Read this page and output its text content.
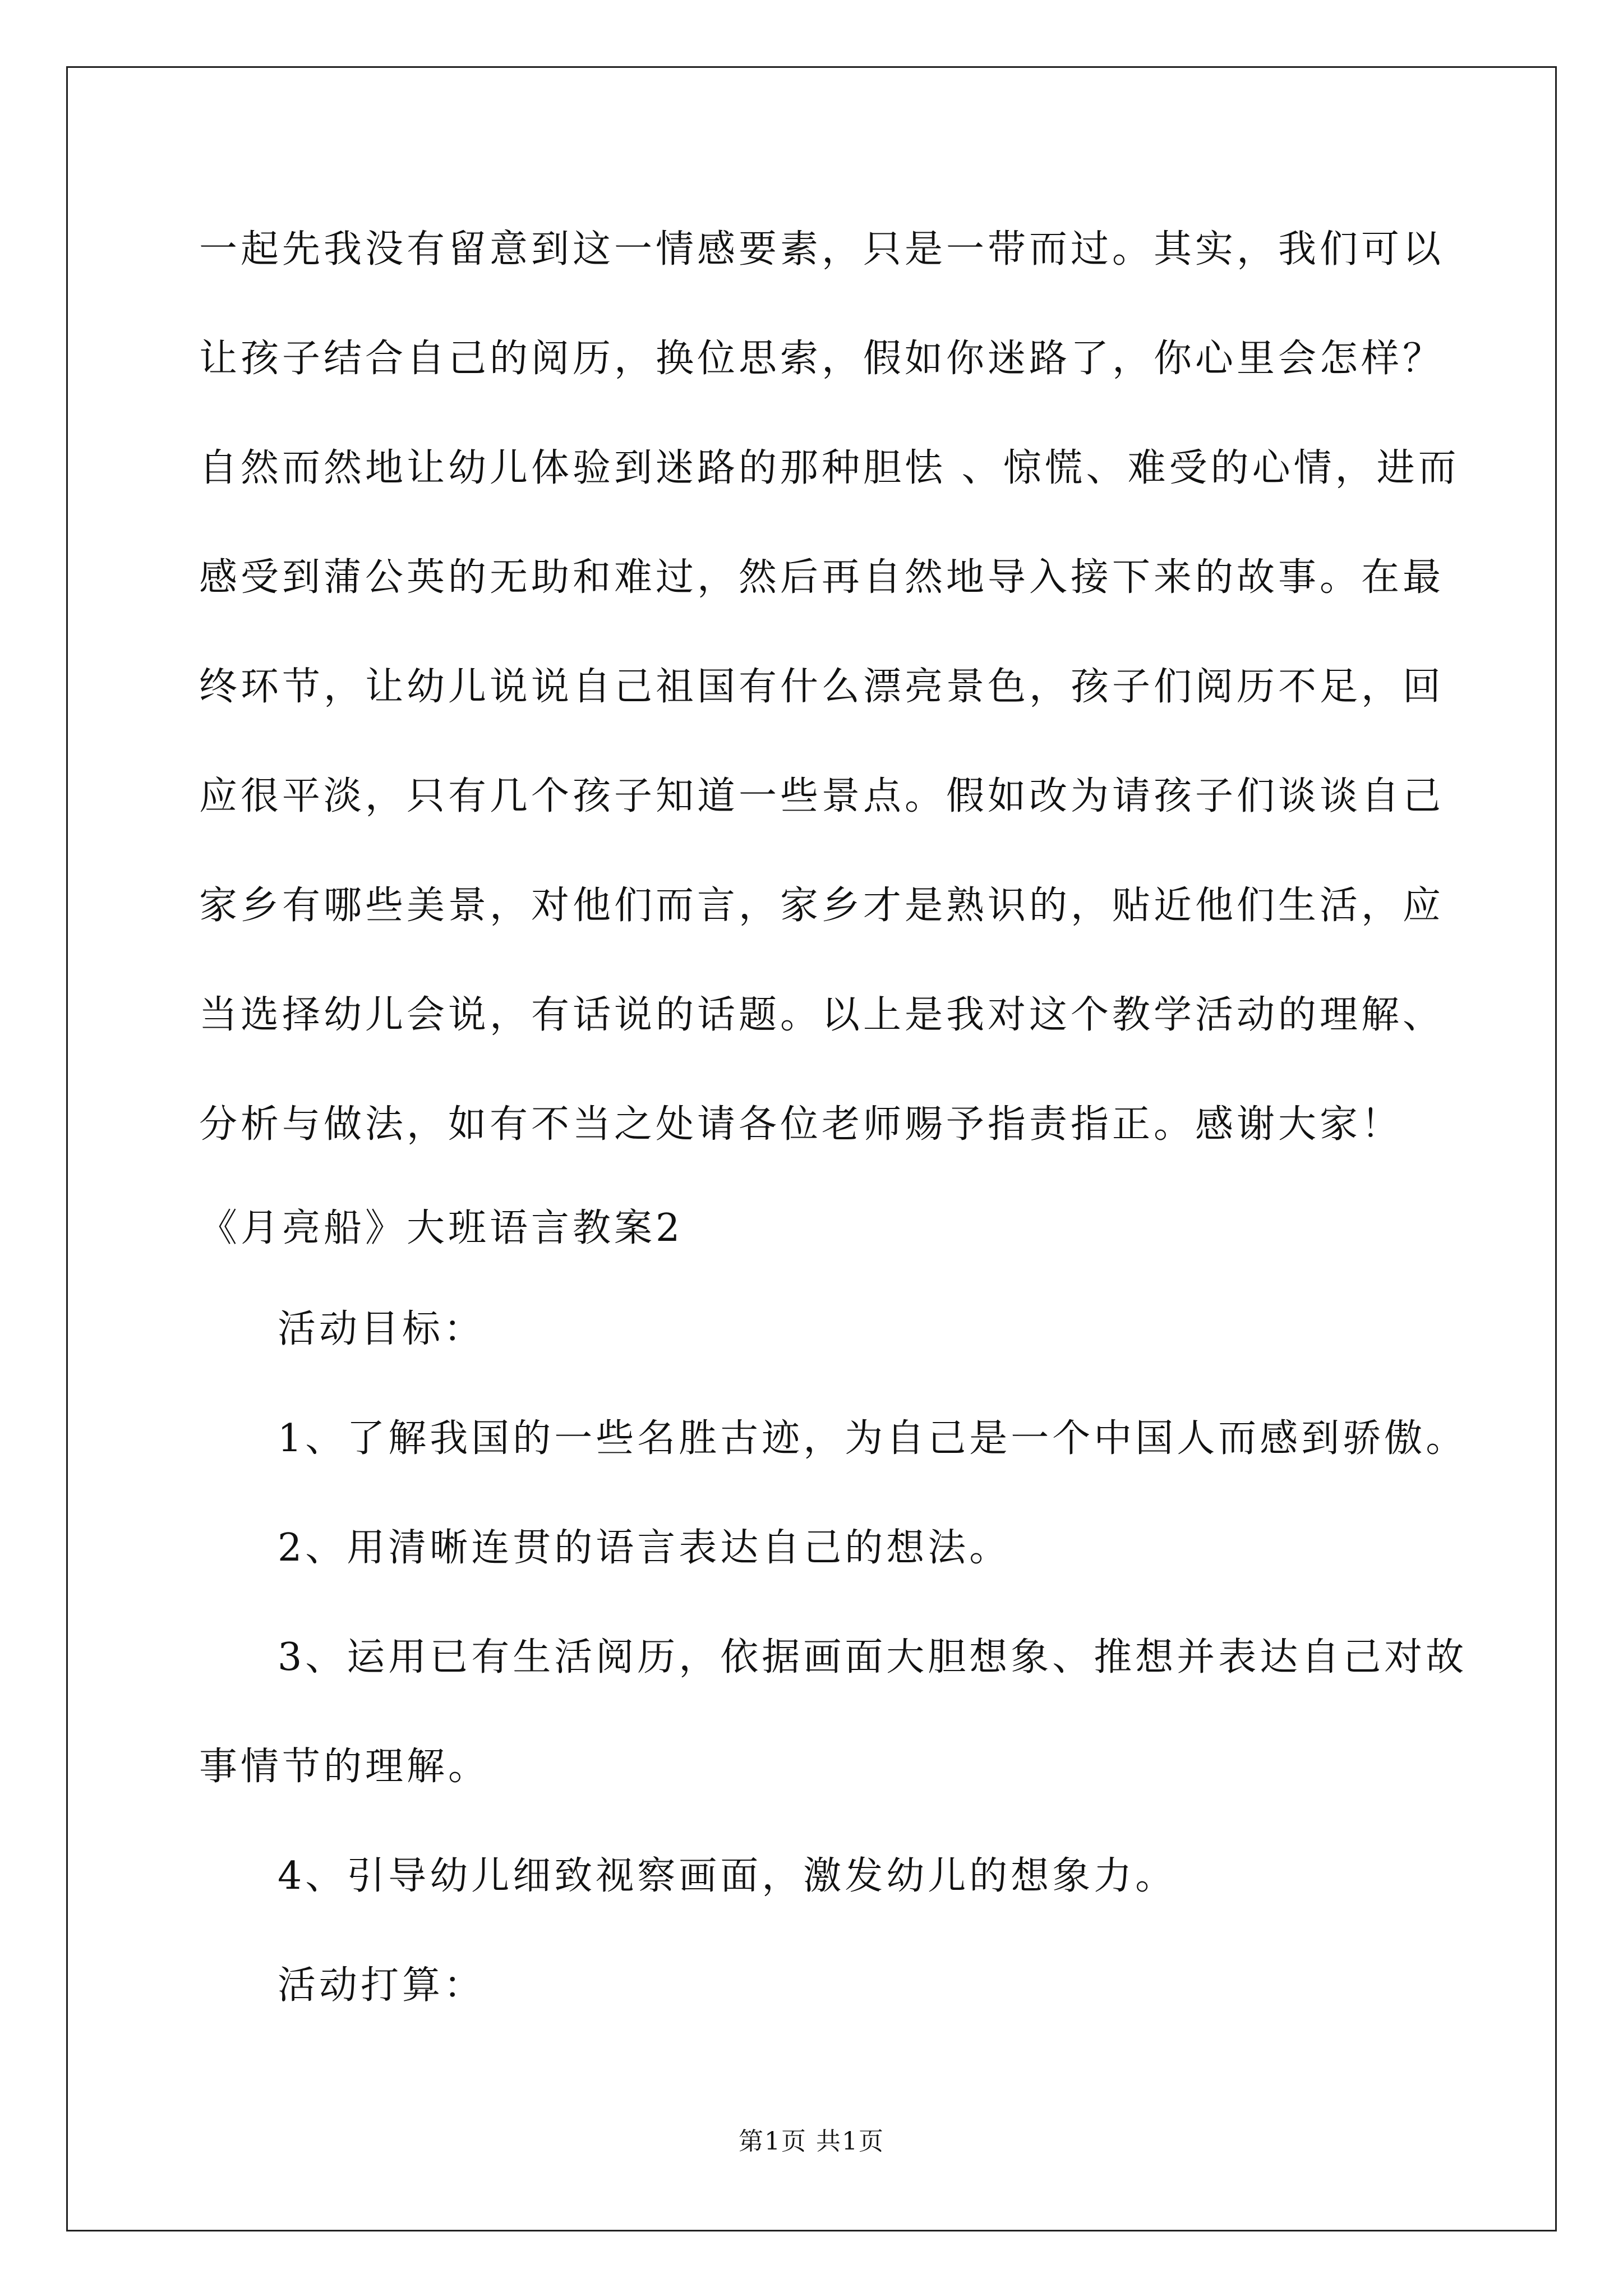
一起先我没有留意到这一情感要素，只是一带而过。其实，我们可以
让孩子结合自己的阅历，换位思索，假如你迷路了，你心里会怎样？
自然而然地让幼儿体验到迷路的那种胆怯 、惊慌、难受的心情，进而
感受到蒲公英的无助和难过，然后再自然地导入接下来的故事。在最
终环节，让幼儿说说自己祖国有什么漂亮景色，孩子们阅历不足，回
应很平淡，只有几个孩子知道一些景点。假如改为请孩子们谈谈自己
家乡有哪些美景，对他们而言，家乡才是熟识的，贴近他们生活，应
当选择幼儿会说，有话说的话题。以上是我对这个教学活动的理解、
分析与做法，如有不当之处请各位老师赐予指责指正。感谢大家！
《月亮船》大班语言教案2
活动目标：
1、了解我国的一些名胜古迹，为自己是一个中国人而感到骄傲。
2、用清晰连贯的语言表达自己的想法。
3、运用已有生活阅历，依据画面大胆想象、推想并表达自己对故
事情节的理解。
4、引导幼儿细致视察画面，激发幼儿的想象力。
活动打算：
第1页 共1页
